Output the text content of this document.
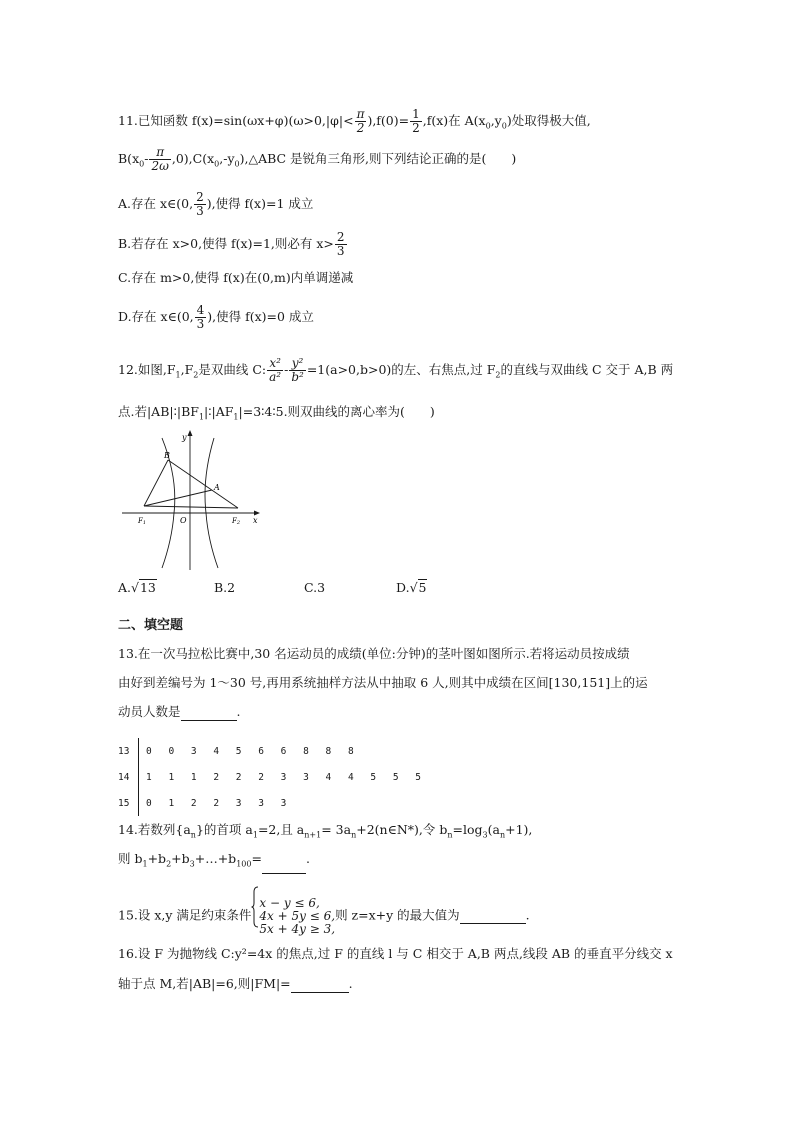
11.已知函数 $f(x)=\sin(\omega x+\varphi)(\omega>0,|\varphi|< \frac{\pi}{2} ),f(0)= \frac{1}{2} ,f(x)$在 $A(x_0,y_0)$处取得极大值,
$B(x_0- \frac{\pi}{2\omega}$ $,0),C(x_0,-y_0),\triangle ABC$ 是锐角三角形,则下列结论正确的是(　　)
A.存在 x∈(0, $\frac{2}{3}$ ),使得 f(x)=1 成立
B.若存在 x>0,使得 f(x)=1,则必有 $x> \frac{2}{3}$
C.存在 m>0,使得 f(x)在(0,m)内单调递减
D.存在 x∈(0, $\frac{4}{3}$ ),使得 f(x)=0 成立
12.如图$,F_1,F_2$是双曲线 C: $\frac{\text{x²}}{\text{a²}} - \frac{\text{y²}}{\text{b²}} =1(a>0,b>0)$的左、右焦点,过 $F_2$的直线与双曲线 C 交于 A,B 两
点.若$|AB|∶|BF_1|∶|AF_1|=3∶4∶5$.则双曲线的离心率为(　　)
y
x
B
A
O
F1	F2
A.√13	B.2	C.3	D.√5
二、填空题
13.在一次马拉松比赛中,30 名运动员的成绩(单位:分钟)的茎叶图如图所示.若将运动员按成绩
由好到差编号为 1～30 号,再用系统抽样方法从中抽取 6 人,则其中成绩在区间[130,151]上的运
动员人数是	.
13	0 0 3 4 5 6 6 8 8 8
14	1 1 1 2 2 2 3 3 4 4 5 5 5
15	0 1 2 2 3 3 3
14.若数列$\{a_n\}$的首项 $a_1=2$,且 $a_{n+1}=$ $3a_n+2(n\in N*)$,令 $b_n=\log_3(a_n+1)$,
则 $b_1+b_2+b_3+\dots+b_{100}=$	.
15.设 x,y 满足约束条件
x − y ≤ 6,
4x + 5y ≤ 6,
5x + 4y ≥ 3,
则 z=x+y 的最大值为	.
16.设 F 为抛物线 C:y²=4x 的焦点,过 F 的直线 l 与 C 相交于 A,B 两点,线段 AB 的垂直平分线交 x
轴于点 M,若|AB|=6,则|FM|=	.
